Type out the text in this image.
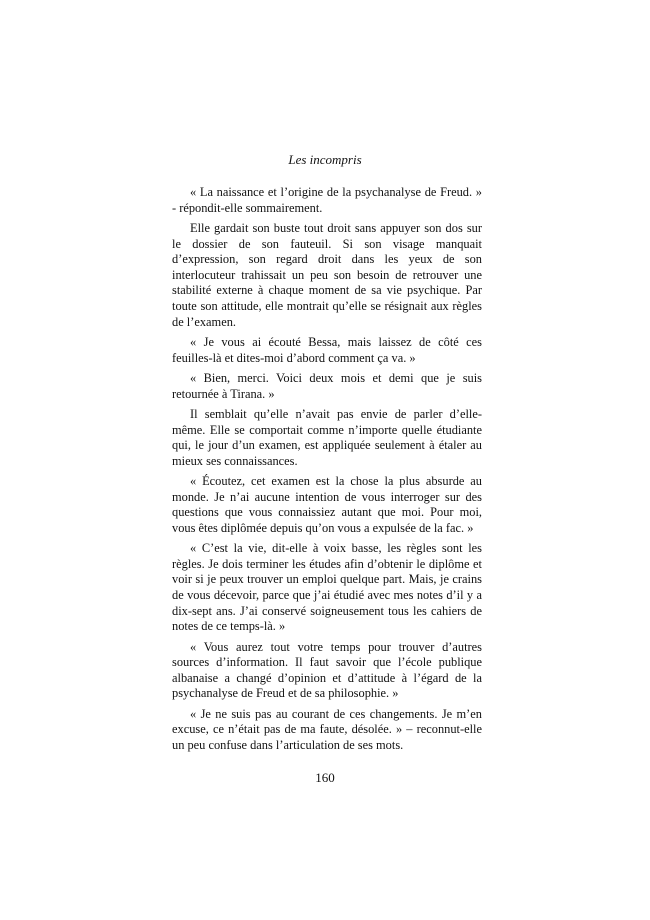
Les incompris

« La naissance et l’origine de la psychanalyse de Freud. » - répondit-elle sommairement.

Elle gardait son buste tout droit sans appuyer son dos sur le dossier de son fauteuil. Si son visage manquait d’expression, son regard droit dans les yeux de son interlocuteur trahissait un peu son besoin de retrouver une stabilité externe à chaque moment de sa vie psychique. Par toute son attitude, elle montrait qu’elle se résignait aux règles de l’examen.

« Je vous ai écouté Bessa, mais laissez de côté ces feuilles-là et dites-moi d’abord comment ça va. »

« Bien, merci. Voici deux mois et demi que je suis retournée à Tirana. »

Il semblait qu’elle n’avait pas envie de parler d’elle-même. Elle se comportait comme n’importe quelle étudiante qui, le jour d’un examen, est appliquée seulement à étaler au mieux ses connaissances.

« Écoutez, cet examen est la chose la plus absurde au monde. Je n’ai aucune intention de vous interroger sur des questions que vous connaissiez autant que moi. Pour moi, vous êtes diplômée depuis qu’on vous a expulsée de la fac. »

« C’est la vie, dit-elle à voix basse, les règles sont les règles. Je dois terminer les études afin d’obtenir le diplôme et voir si je peux trouver un emploi quelque part. Mais, je crains de vous décevoir, parce que j’ai étudié avec mes notes d’il y a dix-sept ans. J’ai conservé soigneusement tous les cahiers de notes de ce temps-là. »

« Vous aurez tout votre temps pour trouver d’autres sources d’information. Il faut savoir que l’école publique albanaise a changé d’opinion et d’attitude à l’égard de la psychanalyse de Freud et de sa philosophie. »

« Je ne suis pas au courant de ces changements. Je m’en excuse, ce n’était pas de ma faute, désolée. » – reconnut-elle un peu confuse dans l’articulation de ses mots.

160
